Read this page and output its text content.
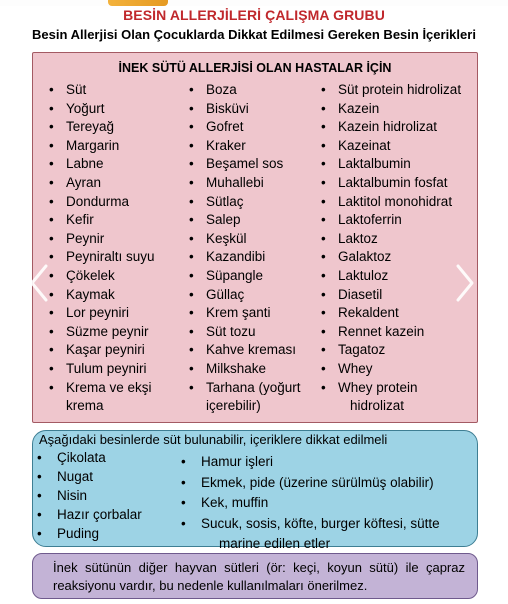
BESİN ALLERJİLERİ ÇALIŞMA GRUBU
Besin Allerjisi Olan Çocuklarda Dikkat Edilmesi Gereken Besin İçerikleri
İNEK SÜTÜ ALLERJİSİ OLAN HASTALAR İÇİN
• Süt
• Yoğurt
• Tereyağ
• Margarin
• Labne
• Ayran
• Dondurma
• Kefir
• Peynir
• Peyniraltı suyu
• Çökelek
• Kaymak
• Lor peyniri
• Süzme peynir
• Kaşar peyniri
• Tulum peyniri
• Krema ve ekşi
krema
• Boza
• Bisküvi
• Gofret
• Kraker
• Beşamel sos
• Muhallebi
• Sütlaç
• Salep
• Keşkül
• Kazandibi
• Süpangle
• Güllaç
• Krem şanti
• Süt tozu
• Kahve kreması
• Milkshake
• Tarhana (yoğurt
içerebilir)
• Süt protein hidrolizat
• Kazein
• Kazein hidrolizat
• Kazeinat
• Laktalbumin
• Laktalbumin fosfat
• Laktitol monohidrat
• Laktoferrin
• Laktoz
• Galaktoz
• Laktuloz
• Diasetil
• Rekaldent
• Rennet kazein
• Tagatoz
• Whey
• Whey protein
hidrolizat
Aşağıdaki besinlerde süt bulunabilir, içeriklere dikkat edilmeli
• Çikolata
• Nugat
• Nisin
• Hazır çorbalar
• Puding
• Hamur işleri
• Ekmek, pide (üzerine sürülmüş olabilir)
• Kek, muffin
• Sucuk, sosis, köfte, burger köftesi, sütte
marine edilen etler
İnek sütünün diğer hayvan sütleri (ör: keçi, koyun sütü) ile çapraz reaksiyonu vardır, bu nedenle kullanılmaları önerilmez.
